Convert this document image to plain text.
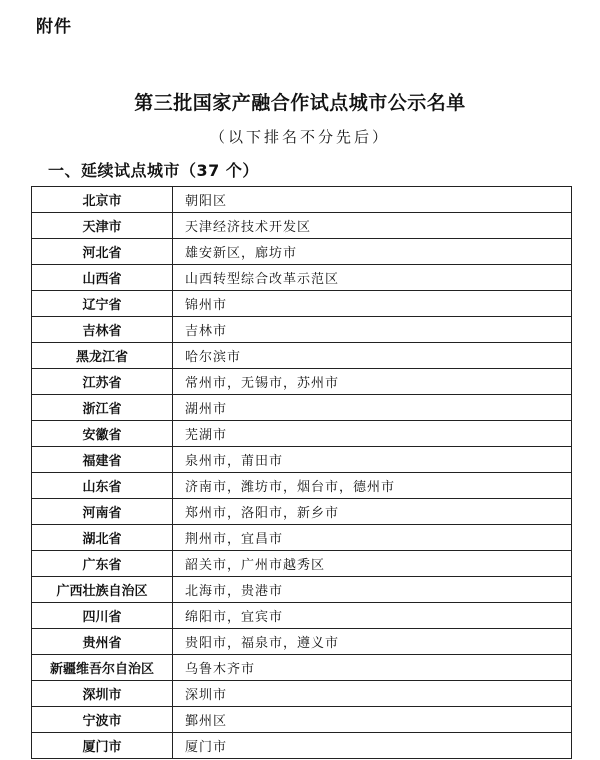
附件
第三批国家产融合作试点城市公示名单
（以下排名不分先后）
一、延续试点城市（37 个）
北京市	朝阳区
天津市	天津经济技术开发区
河北省	雄安新区，廊坊市
山西省	山西转型综合改革示范区
辽宁省	锦州市
吉林省	吉林市
黑龙江省	哈尔滨市
江苏省	常州市，无锡市，苏州市
浙江省	湖州市
安徽省	芜湖市
福建省	泉州市，莆田市
山东省	济南市，潍坊市，烟台市，德州市
河南省	郑州市，洛阳市，新乡市
湖北省	荆州市，宜昌市
广东省	韶关市，广州市越秀区
广西壮族自治区	北海市，贵港市
四川省	绵阳市，宜宾市
贵州省	贵阳市，福泉市，遵义市
新疆维吾尔自治区	乌鲁木齐市
深圳市	深圳市
宁波市	鄞州区
厦门市	厦门市
